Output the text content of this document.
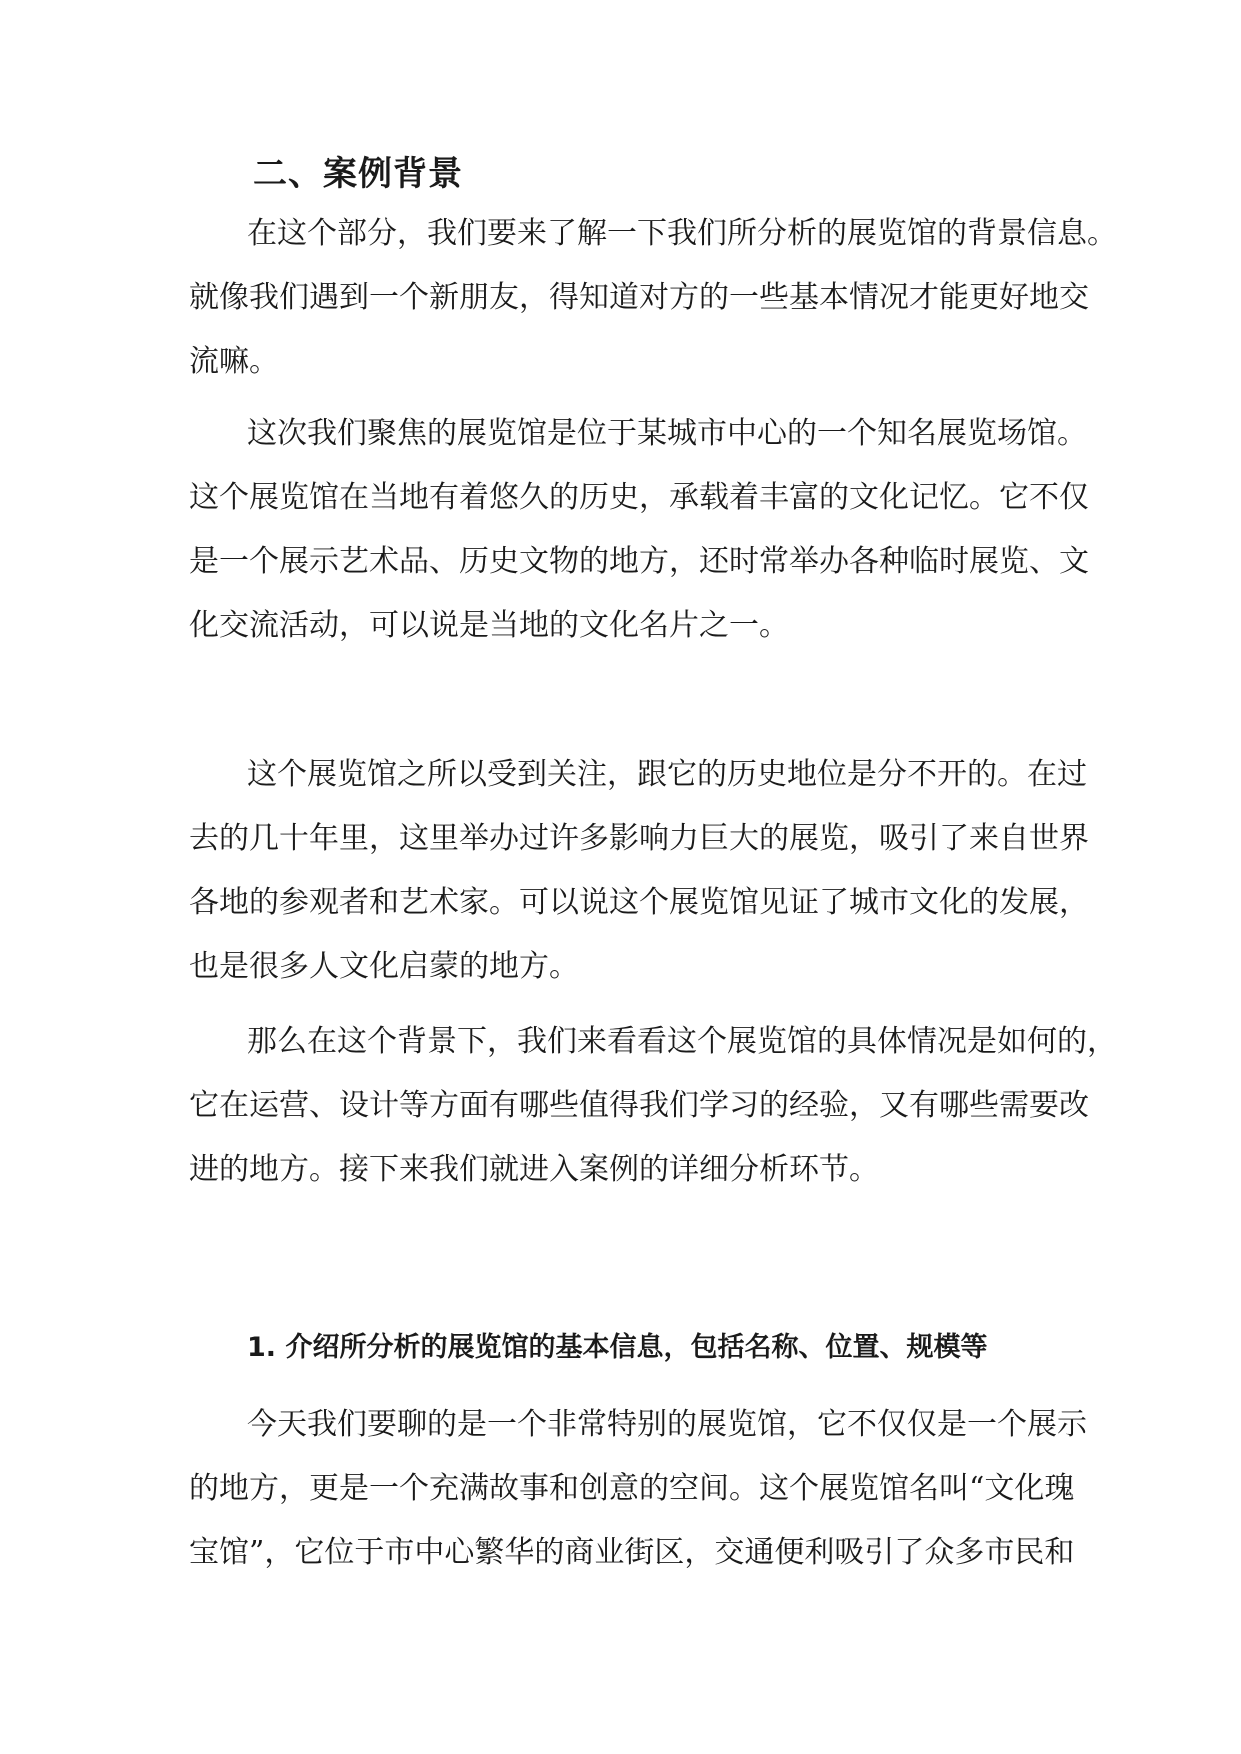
二、案例背景

在这个部分，我们要来了解一下我们所分析的展览馆的背景信息。
就像我们遇到一个新朋友，得知道对方的一些基本情况才能更好地交
流嘛。

这次我们聚焦的展览馆是位于某城市中心的一个知名展览场馆。
这个展览馆在当地有着悠久的历史，承载着丰富的文化记忆。它不仅
是一个展示艺术品、历史文物的地方，还时常举办各种临时展览、文
化交流活动，可以说是当地的文化名片之一。

这个展览馆之所以受到关注，跟它的历史地位是分不开的。在过
去的几十年里，这里举办过许多影响力巨大的展览，吸引了来自世界
各地的参观者和艺术家。可以说这个展览馆见证了城市文化的发展，
也是很多人文化启蒙的地方。

那么在这个背景下，我们来看看这个展览馆的具体情况是如何的，
它在运营、设计等方面有哪些值得我们学习的经验，又有哪些需要改
进的地方。接下来我们就进入案例的详细分析环节。

1. 介绍所分析的展览馆的基本信息，包括名称、位置、规模等

今天我们要聊的是一个非常特别的展览馆，它不仅仅是一个展示
的地方，更是一个充满故事和创意的空间。这个展览馆名叫“文化瑰
宝馆”，它位于市中心繁华的商业街区，交通便利吸引了众多市民和
